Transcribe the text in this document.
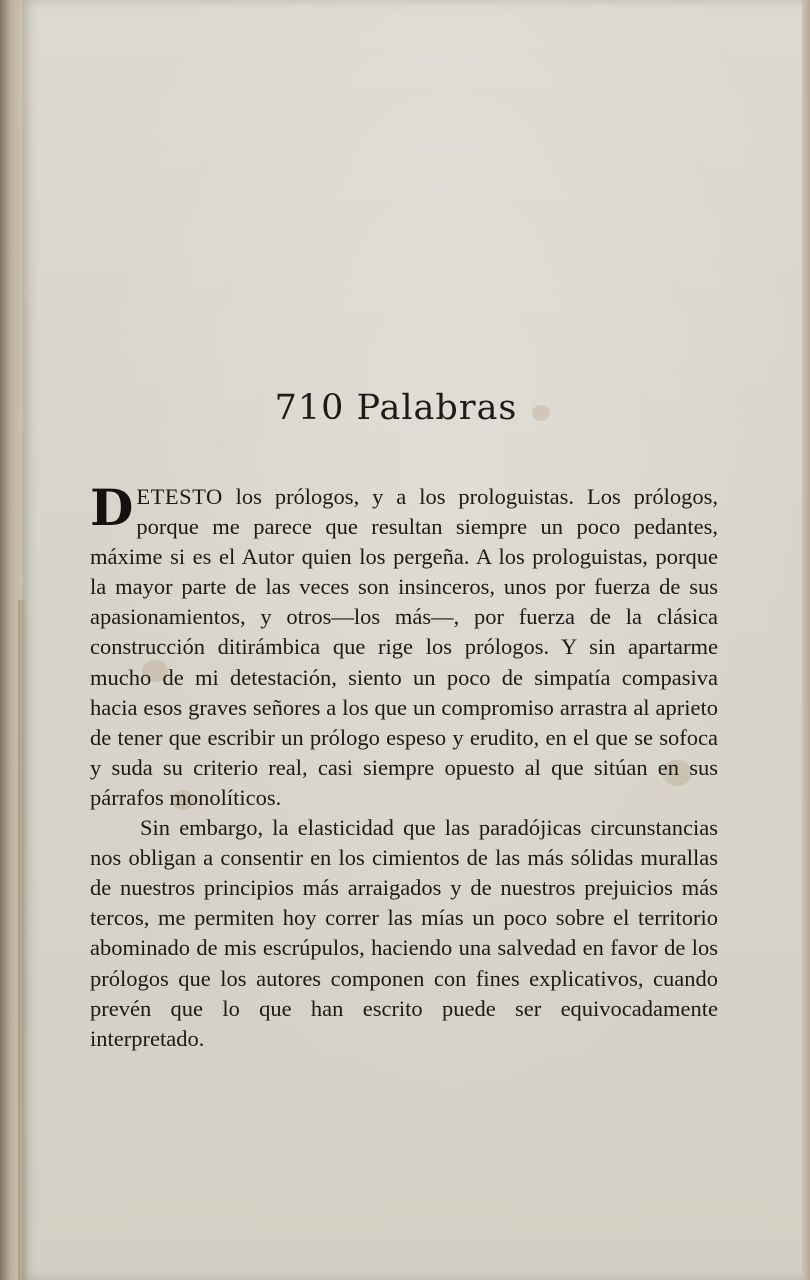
710 Palabras

DETESTO los prólogos, y a los prologuistas. Los prólogos, porque me parece que resultan siempre un poco pedantes, máxime si es el Autor quien los pergeña. A los prologuistas, porque la mayor parte de las veces son insinceros, unos por fuerza de sus apasionamientos, y otros—los más—, por fuerza de la clásica construcción ditirámbica que rige los prólogos. Y sin apartarme mucho de mi detestación, siento un poco de simpatía compasiva hacia esos graves señores a los que un compromiso arrastra al aprieto de tener que escribir un prólogo espeso y erudito, en el que se sofoca y suda su criterio real, casi siempre opuesto al que sitúan en sus párrafos monolíticos.

Sin embargo, la elasticidad que las paradójicas circunstancias nos obligan a consentir en los cimientos de las más sólidas murallas de nuestros principios más arraigados y de nuestros prejuicios más tercos, me permiten hoy correr las mías un poco sobre el territorio abominado de mis escrúpulos, haciendo una salvedad en favor de los prólogos que los autores componen con fines explicativos, cuando prevén que lo que han escrito puede ser equivocadamente interpretado.
